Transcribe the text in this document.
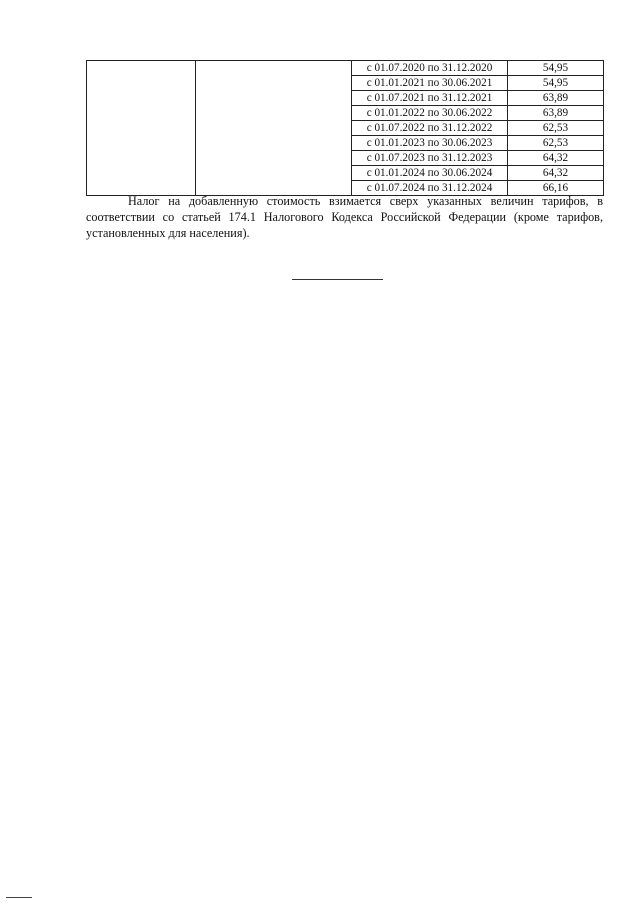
		с 01.07.2020 по 31.12.2020	54,95
		с 01.01.2021 по 30.06.2021	54,95
		с 01.07.2021 по 31.12.2021	63,89
		с 01.01.2022 по 30.06.2022	63,89
		с 01.07.2022 по 31.12.2022	62,53
		с 01.01.2023 по 30.06.2023	62,53
		с 01.07.2023 по 31.12.2023	64,32
		с 01.01.2024 по 30.06.2024	64,32
		с 01.07.2024 по 31.12.2024	66,16

Налог на добавленную стоимость взимается сверх указанных величин тарифов, в соответствии со статьей 174.1 Налогового Кодекса Российской Федерации (кроме тарифов, установленных для населения).
